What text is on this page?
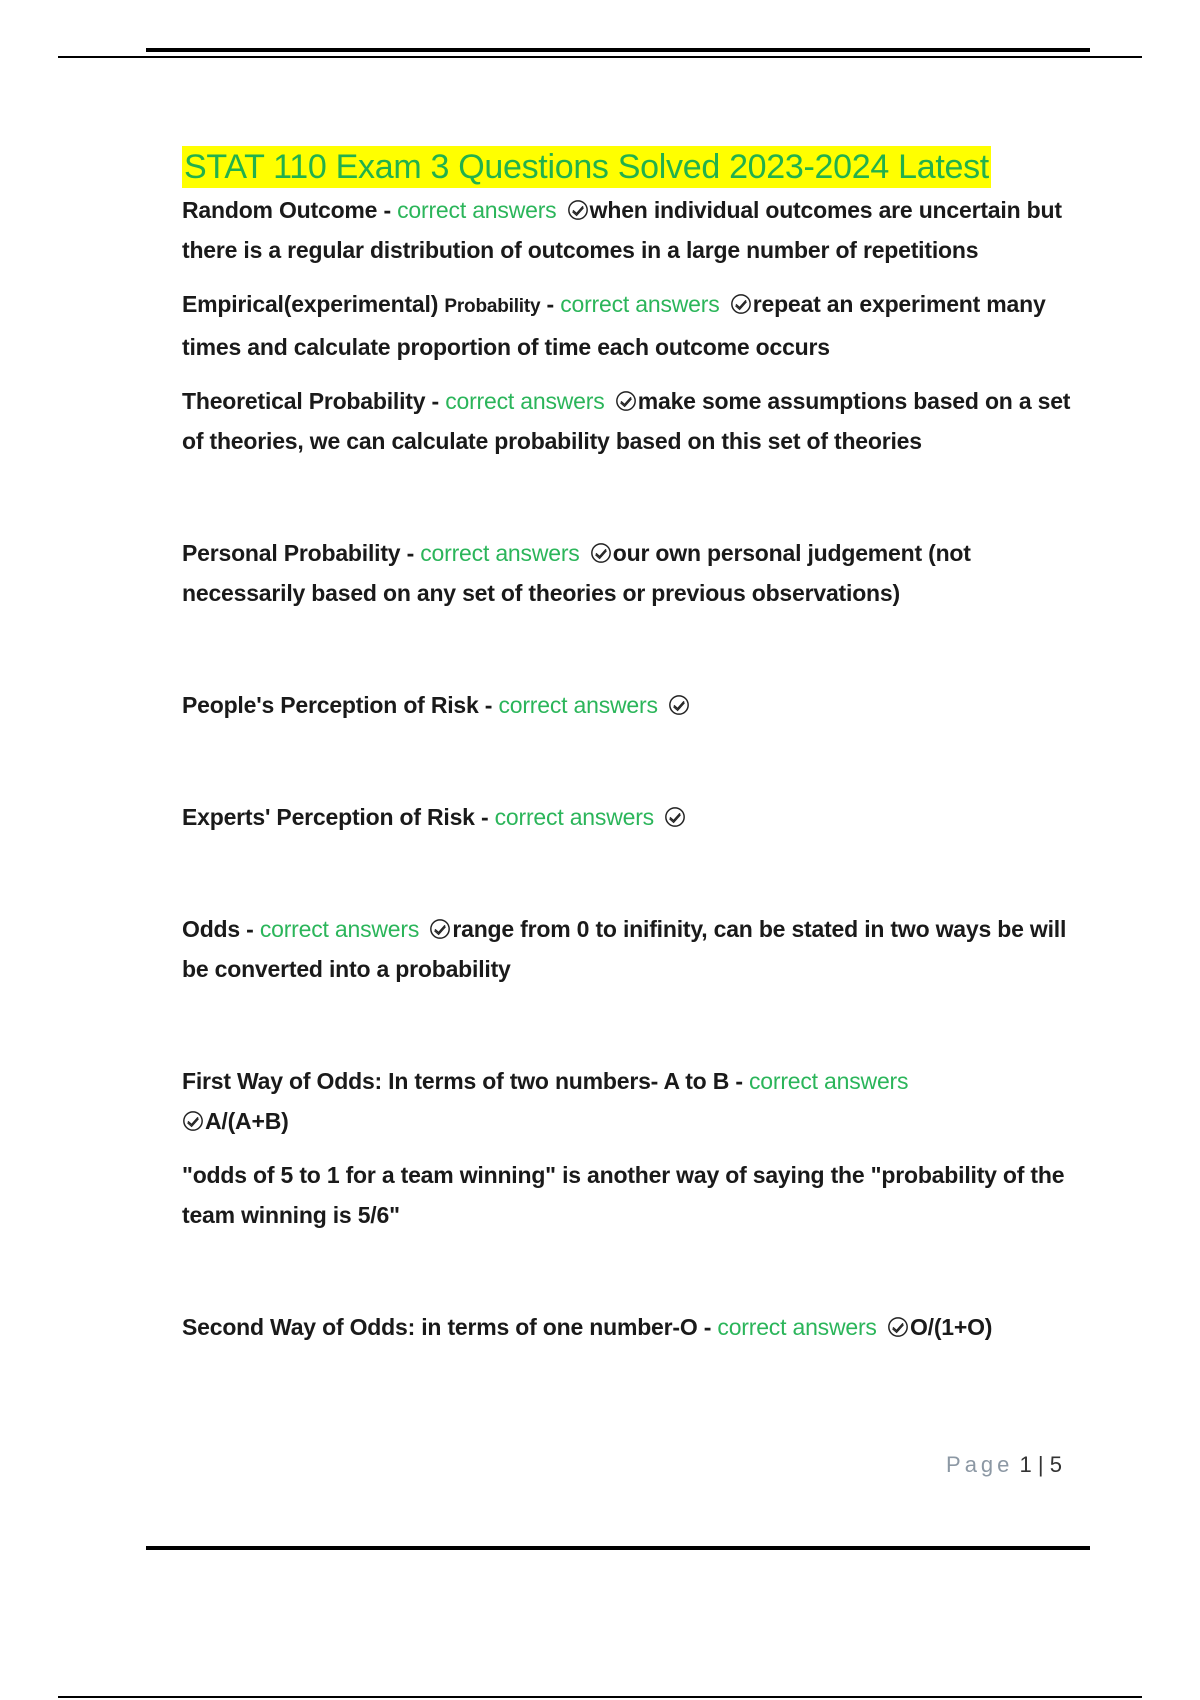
STAT 110 Exam 3 Questions Solved 2023-2024 Latest

Random Outcome - correct answers when individual outcomes are uncertain but there is a regular distribution of outcomes in a large number of repetitions

Empirical(experimental) Probability - correct answers repeat an experiment many times and calculate proportion of time each outcome occurs

Theoretical Probability - correct answers make some assumptions based on a set of theories, we can calculate probability based on this set of theories

Personal Probability - correct answers our own personal judgement (not necessarily based on any set of theories or previous observations)

People's Perception of Risk - correct answers

Experts' Perception of Risk - correct answers

Odds - correct answers range from 0 to inifinity, can be stated in two ways be will be converted into a probability

First Way of Odds: In terms of two numbers- A to B - correct answers

A/(A+B)

"odds of 5 to 1 for a team winning" is another way of saying the "probability of the team winning is 5/6"

Second Way of Odds: in terms of one number-O - correct answers O/(1+O)

Page 1 | 5
